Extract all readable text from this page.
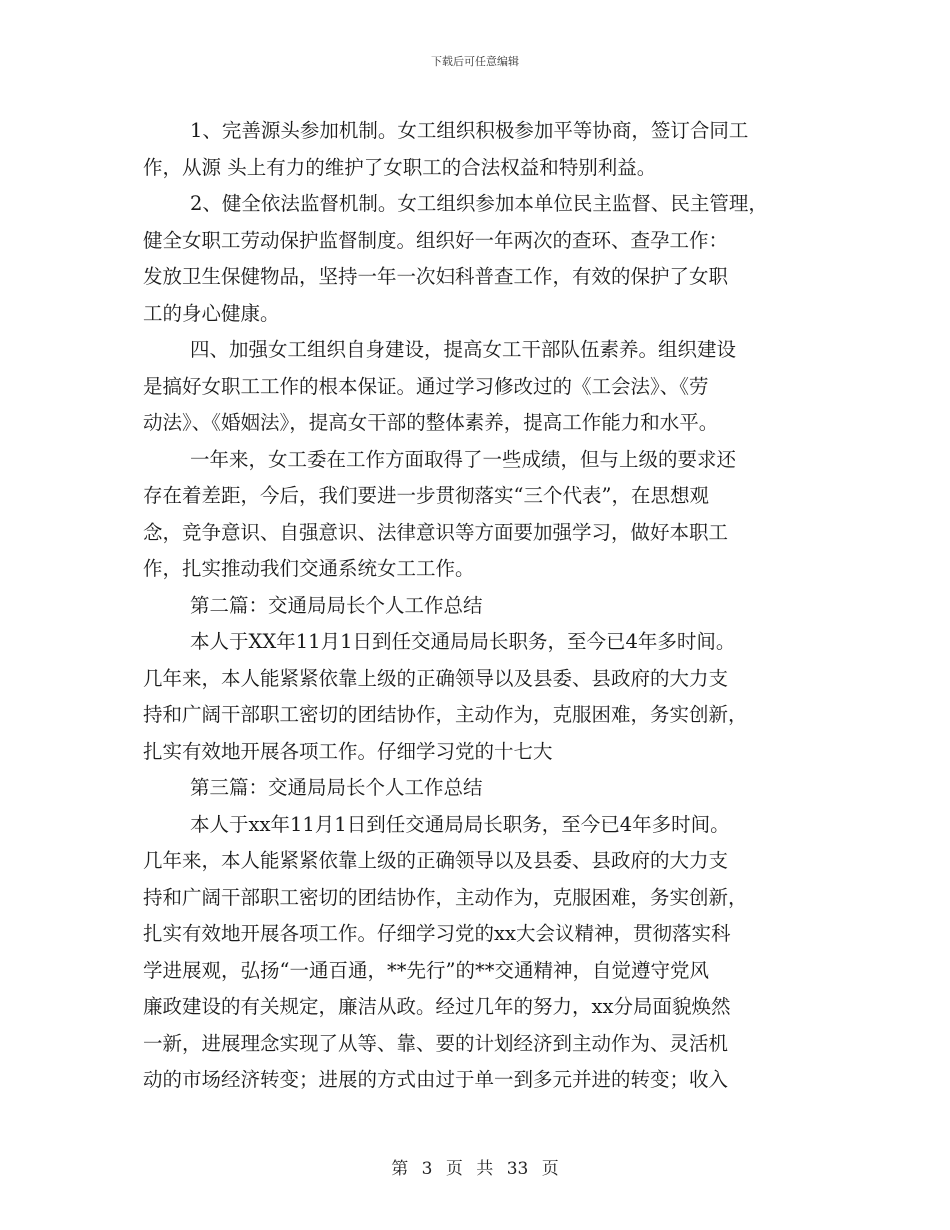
下载后可任意编辑
1、完善源头参加机制。女工组织积极参加平等协商，签订合同工
作，从源 头上有力的维护了女职工的合法权益和特别利益。
2、健全依法监督机制。女工组织参加本单位民主监督、民主管理，
健全女职工劳动保护监督制度。组织好一年两次的查环、查孕工作：
发放卫生保健物品，坚持一年一次妇科普查工作，有效的保护了女职
工的身心健康。
四、加强女工组织自身建设，提高女工干部队伍素养。组织建设
是搞好女职工工作的根本保证。通过学习修改过的《工会法》、《劳
动法》、《婚姻法》，提高女干部的整体素养，提高工作能力和水平。
一年来，女工委在工作方面取得了一些成绩，但与上级的要求还
存在着差距，今后，我们要进一步贯彻落实“三个代表”，在思想观
念，竞争意识、自强意识、法律意识等方面要加强学习，做好本职工
作，扎实推动我们交通系统女工工作。
第二篇：交通局局长个人工作总结
本人于XX年11月1日到任交通局局长职务，至今已4年多时间。
几年来，本人能紧紧依靠上级的正确领导以及县委、县政府的大力支
持和广阔干部职工密切的团结协作，主动作为，克服困难，务实创新，
扎实有效地开展各项工作。仔细学习党的十七大
第三篇：交通局局长个人工作总结
本人于xx年11月1日到任交通局局长职务，至今已4年多时间。
几年来，本人能紧紧依靠上级的正确领导以及县委、县政府的大力支
持和广阔干部职工密切的团结协作，主动作为，克服困难，务实创新，
扎实有效地开展各项工作。仔细学习党的xx大会议精神，贯彻落实科
学进展观，弘扬“一通百通，**先行”的**交通精神，自觉遵守党风
廉政建设的有关规定，廉洁从政。经过几年的努力，xx分局面貌焕然
一新，进展理念实现了从等、靠、要的计划经济到主动作为、灵活机
动的市场经济转变；进展的方式由过于单一到多元并进的转变；收入
第 3 页 共 33 页
